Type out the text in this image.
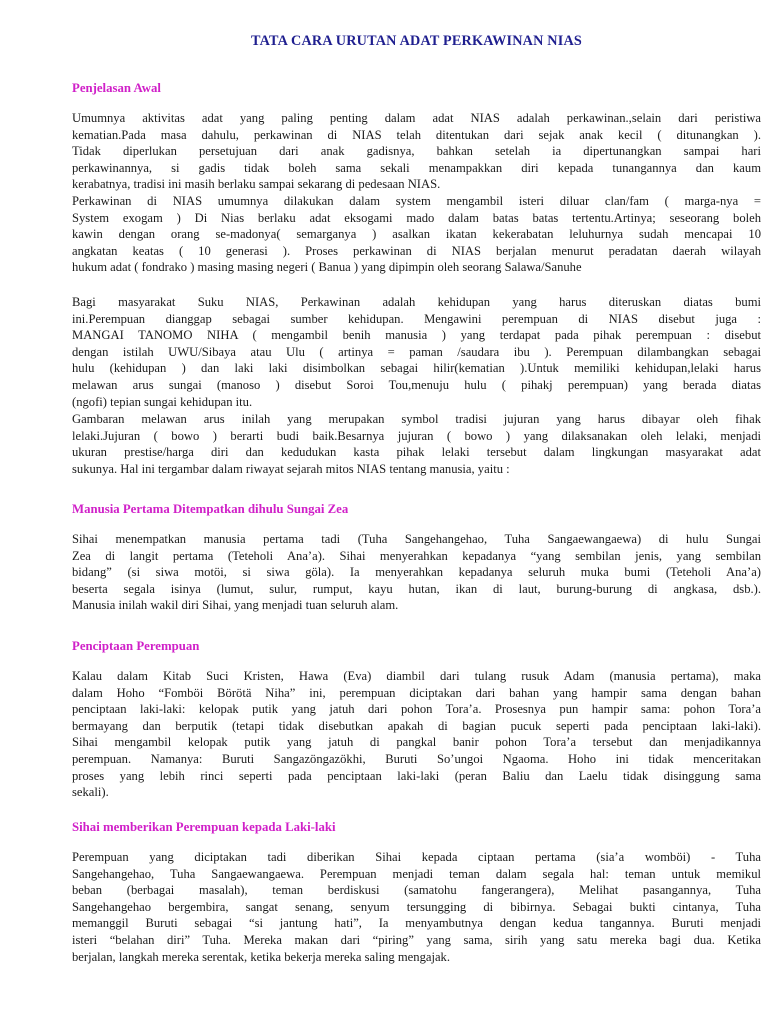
TATA CARA URUTAN ADAT PERKAWINAN NIAS
Penjelasan Awal
Umumnya aktivitas adat yang paling penting dalam adat NIAS adalah perkawinan.,selain dari peristiwa
kematian.Pada masa dahulu, perkawinan di NIAS telah ditentukan dari sejak anak kecil ( ditunangkan ).
Tidak diperlukan persetujuan dari anak gadisnya, bahkan setelah ia dipertunangkan sampai hari
perkawinannya, si gadis tidak boleh sama sekali menampakkan diri kepada tunangannya dan kaum
kerabatnya, tradisi ini masih berlaku sampai sekarang di pedesaan NIAS.
Perkawinan di NIAS umumnya dilakukan dalam system mengambil isteri diluar clan/fam ( marga-nya =
System exogam ) Di Nias berlaku adat eksogami mado dalam batas batas tertentu.Artinya; seseorang boleh
kawin dengan orang se-madonya( semarganya ) asalkan ikatan kekerabatan leluhurnya sudah mencapai 10
angkatan keatas ( 10 generasi ). Proses perkawinan di NIAS berjalan menurut peradatan daerah wilayah
hukum adat ( fondrako ) masing masing negeri ( Banua ) yang dipimpin oleh seorang Salawa/Sanuhe
Bagi masyarakat Suku NIAS, Perkawinan adalah kehidupan yang harus diteruskan diatas bumi
ini.Perempuan dianggap sebagai sumber kehidupan. Mengawini perempuan di NIAS disebut juga :
MANGAI TANOMO NIHA ( mengambil benih manusia ) yang terdapat pada pihak perempuan : disebut
dengan istilah UWU/Sibaya atau Ulu ( artinya = paman /saudara ibu ). Perempuan dilambangkan sebagai
hulu (kehidupan ) dan laki laki disimbolkan sebagai hilir(kematian ).Untuk memiliki kehidupan,lelaki harus
melawan arus sungai (manoso ) disebut Soroi Tou,menuju hulu ( pihakj perempuan) yang berada diatas
(ngofi) tepian sungai kehidupan itu.
Gambaran melawan arus inilah yang merupakan symbol tradisi jujuran yang harus dibayar oleh fihak
lelaki.Jujuran ( bowo ) berarti budi baik.Besarnya jujuran ( bowo ) yang dilaksanakan oleh lelaki, menjadi
ukuran prestise/harga diri dan kedudukan kasta pihak lelaki tersebut dalam lingkungan masyarakat adat
sukunya. Hal ini tergambar dalam riwayat sejarah mitos NIAS tentang manusia, yaitu :
Manusia Pertama Ditempatkan dihulu Sungai Zea
Sihai menempatkan manusia pertama tadi (Tuha Sangehangehao, Tuha Sangaewangaewa) di hulu Sungai
Zea di langit pertama (Teteholi Ana’a). Sihai menyerahkan kepadanya “yang sembilan jenis, yang sembilan
bidang” (si siwa motöi, si siwa göla). Ia menyerahkan kepadanya seluruh muka bumi (Teteholi Ana’a)
beserta segala isinya (lumut, sulur, rumput, kayu hutan, ikan di laut, burung-burung di angkasa, dsb.).
Manusia inilah wakil diri Sihai, yang menjadi tuan seluruh alam.
Penciptaan Perempuan
Kalau dalam Kitab Suci Kristen, Hawa (Eva) diambil dari tulang rusuk Adam (manusia pertama), maka
dalam Hoho “Fomböi Börötä Niha” ini, perempuan diciptakan dari bahan yang hampir sama dengan bahan
penciptaan laki-laki: kelopak putik yang jatuh dari pohon Tora’a. Prosesnya pun hampir sama: pohon Tora’a
bermayang dan berputik (tetapi tidak disebutkan apakah di bagian pucuk seperti pada penciptaan laki-laki).
Sihai mengambil kelopak putik yang jatuh di pangkal banir pohon Tora’a tersebut dan menjadikannya
perempuan. Namanya: Buruti Sangazöngazökhi, Buruti So’ungoi Ngaoma. Hoho ini tidak menceritakan
proses yang lebih rinci seperti pada penciptaan laki-laki (peran Baliu dan Laelu tidak disinggung sama
sekali).
Sihai memberikan Perempuan kepada Laki-laki
Perempuan yang diciptakan tadi diberikan Sihai kepada ciptaan pertama (sia’a womböi) - Tuha
Sangehangehao, Tuha Sangaewangaewa. Perempuan menjadi teman dalam segala hal: teman untuk memikul
beban (berbagai masalah), teman berdiskusi (samatohu fangerangera), Melihat pasangannya, Tuha
Sangehangehao bergembira, sangat senang, senyum tersungging di bibirnya. Sebagai bukti cintanya, Tuha
memanggil Buruti sebagai “si jantung hati”, Ia menyambutnya dengan kedua tangannya. Buruti menjadi
isteri “belahan diri” Tuha. Mereka makan dari “piring” yang sama, sirih yang satu mereka bagi dua. Ketika
berjalan, langkah mereka serentak, ketika bekerja mereka saling mengajak.
